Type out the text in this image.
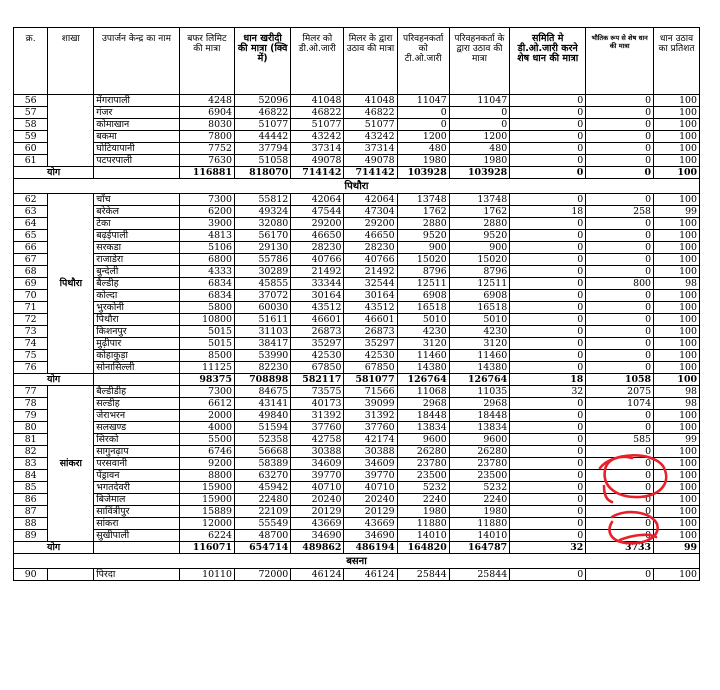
क्र.	शाखा	उपार्जन केन्द्र का नाम	बफर लिमिट की मात्रा	धान खरीदी की मात्रा (क्वि में)	मिलर को डी.ओ.जारी	मिलर के द्वारा उठाव की मात्रा	परिवहनकर्ता को टी.ओ.जारी	परिवहनकर्ता के द्वारा उठाव की मात्रा	समिति मे डी.ओ.जारी करने शेष धान की मात्रा	भौतिक रूप से शेष धान की मात्रा	धान उठाव का प्रतिशत
56		मेंगरापाली	4248	52096	41048	41048	11047	11047	0	0	100
57		गंजर	6904	46822	46822	46822	0	0	0	0	100
58		कोमाखान	8030	51077	51077	51077	0	0	0	0	100
59		बकमा	7800	44442	43242	43242	1200	1200	0	0	100
60		घोटियापानी	7752	37794	37314	37314	480	480	0	0	100
61		पटपरपाली	7630	51058	49078	49078	1980	1980	0	0	100
योग			116881	818070	714142	714142	103928	103928	0	0	100
पिथौरा											
62	पिथौरा	चाँच	7300	55812	42064	42064	13748	13748	0	0	100
63		बरेकेल	6200	49324	47544	47304	1762	1762	18	258	99
64		टेका	3900	32080	29200	29200	2880	2880	0	0	100
65		बढ़ईपाली	4813	56170	46650	46650	9520	9520	0	0	100
66		सरकडा	5106	29130	28230	28230	900	900	0	0	100
67		राजाडेरा	6800	55786	40766	40766	15020	15020	0	0	100
68		बुन्देली	4333	30289	21492	21492	8796	8796	0	0	100
69		बैल्डीह	6834	45855	33344	32544	12511	12511	0	800	98
70		कोल्दा	6834	37072	30164	30164	6908	6908	0	0	100
71		भुरकोनी	5800	60030	43512	43512	16518	16518	0	0	100
72		पिथौरा	10800	51611	46601	46601	5010	5010	0	0	100
73		किशनपुर	5015	31103	26873	26873	4230	4230	0	0	100
74		मुढ़ीपार	5015	38417	35297	35297	3120	3120	0	0	100
75		कोहाकुड़ा	8500	53990	42530	42530	11460	11460	0	0	100
76		सोनासिल्ली	11125	82230	67850	67850	14380	14380	0	0	100
योग			98375	708898	582117	581077	126764	126764	18	1058	100
77	सांकरा	बैल्डीडीह	7300	84675	73575	71566	11068	11035	32	2075	98
78		सल्डीह	6612	43141	40173	39099	2968	2968	0	1074	98
79		जेराभरन	2000	49840	31392	31392	18448	18448	0	0	100
80		सलखण्ड	4000	51594	37760	37760	13834	13834	0	0	100
81		सिरको	5500	52358	42758	42174	9600	9600	0	585	99
82		सागुनढ़ाप	6746	56668	30388	30388	26280	26280	0	0	100
83		परसवानी	9200	58389	34609	34609	23780	23780	0	0	100
84		पेंड्रावन	8800	63270	39770	39770	23500	23500	0	0	100
85		भगतदेवरी	15900	45942	40710	40710	5232	5232	0	0	100
86		बिजेमाल	15900	22480	20240	20240	2240	2240	0	0	100
87		साविंत्रीपुर	15889	22109	20129	20129	1980	1980	0	0	100
88		सांकरा	12000	55549	43669	43669	11880	11880	0	0	100
89		सुखीपाली	6224	48700	34690	34690	14010	14010	0	0	100
योग			116071	654714	489862	486194	164820	164787	32	3733	99
बसना											
90		पिरदा	10110	72000	46124	46124	25844	25844	0	0	100
